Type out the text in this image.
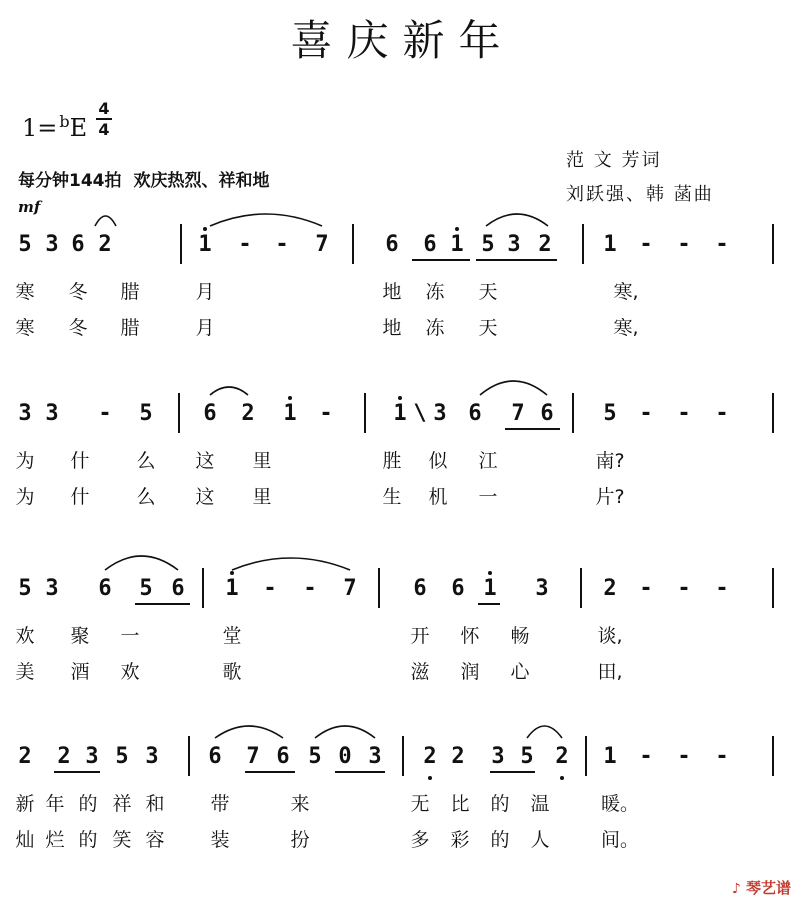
喜庆新年
1= $^b$E
4
4
每分钟144拍 欢庆热烈、祥和地
范 文 芳词
刘跃强、韩 菡曲
mf
5 3 6 2	1 - - 7	6 6 1 5 3 2 1 - - -
寒 冬 腊	月	地 冻 天	寒,
寒 冬 腊	月	地 冻 天	寒,
3 3 - 5 6 2 1 -	1 \ 3 6 7 6 5 - - -
为 什 么 这 里	胜 似 江	南?
为 什 么 这 里	生 机 一	片?
5 3 6 5 6 1 - - 7	6 6 1 3 2 - - -
欢 聚 一	堂	开 怀 畅	谈,
美 酒 欢	歌	滋 润 心	田,
2 2 3 5 3 6 7 6 5 0 3 2 2 3 5 2 1 - - -
新 年 的 祥 和 带	来	无 比 的 温	暖。
灿 烂 的 笑 容 装	扮	多 彩 的 人	间。
♪ 琴艺谱
